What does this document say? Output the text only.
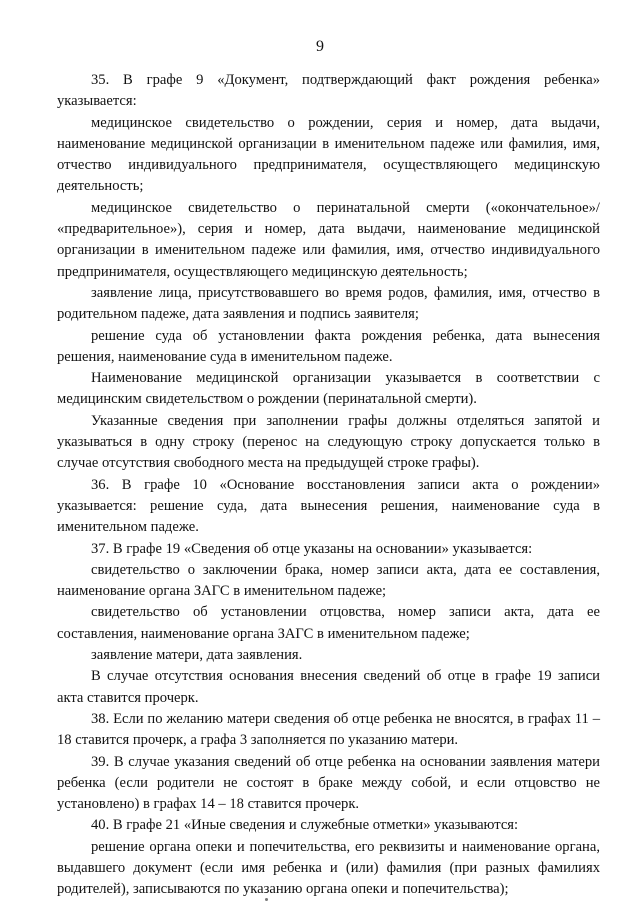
9

35. В графе 9 «Документ, подтверждающий факт рождения ребенка» указывается:

медицинское свидетельство о рождении, серия и номер, дата выдачи, наименование медицинской организации в именительном падеже или фамилия, имя, отчество индивидуального предпринимателя, осуществляющего медицинскую деятельность;

медицинское свидетельство о перинатальной смерти («окончательное»/ «предварительное»), серия и номер, дата выдачи, наименование медицинской организации в именительном падеже или фамилия, имя, отчество индивидуального предпринимателя, осуществляющего медицинскую деятельность;

заявление лица, присутствовавшего во время родов, фамилия, имя, отчество в родительном падеже, дата заявления и подпись заявителя;

решение суда об установлении факта рождения ребенка, дата вынесения решения, наименование суда в именительном падеже.

Наименование медицинской организации указывается в соответствии с медицинским свидетельством о рождении (перинатальной смерти).

Указанные сведения при заполнении графы должны отделяться запятой и указываться в одну строку (перенос на следующую строку допускается только в случае отсутствия свободного места на предыдущей строке графы).

36. В графе 10 «Основание восстановления записи акта о рождении» указывается: решение суда, дата вынесения решения, наименование суда в именительном падеже.

37. В графе 19 «Сведения об отце указаны на основании» указывается:

свидетельство о заключении брака, номер записи акта, дата ее составления, наименование органа ЗАГС в именительном падеже;

свидетельство об установлении отцовства, номер записи акта, дата ее составления, наименование органа ЗАГС в именительном падеже;

заявление матери, дата заявления.

В случае отсутствия основания внесения сведений об отце в графе 19 записи акта ставится прочерк.

38. Если по желанию матери сведения об отце ребенка не вносятся, в графах 11 – 18 ставится прочерк, а графа 3 заполняется по указанию матери.

39. В случае указания сведений об отце ребенка на основании заявления матери ребенка (если родители не состоят в браке между собой, и если отцовство не установлено) в графах 14 – 18 ставится прочерк.

40. В графе 21 «Иные сведения и служебные отметки» указываются:

решение органа опеки и попечительства, его реквизиты и наименование органа, выдавшего документ (если имя ребенка и (или) фамилия (при разных фамилиях родителей), записываются по указанию органа опеки и попечительства);
